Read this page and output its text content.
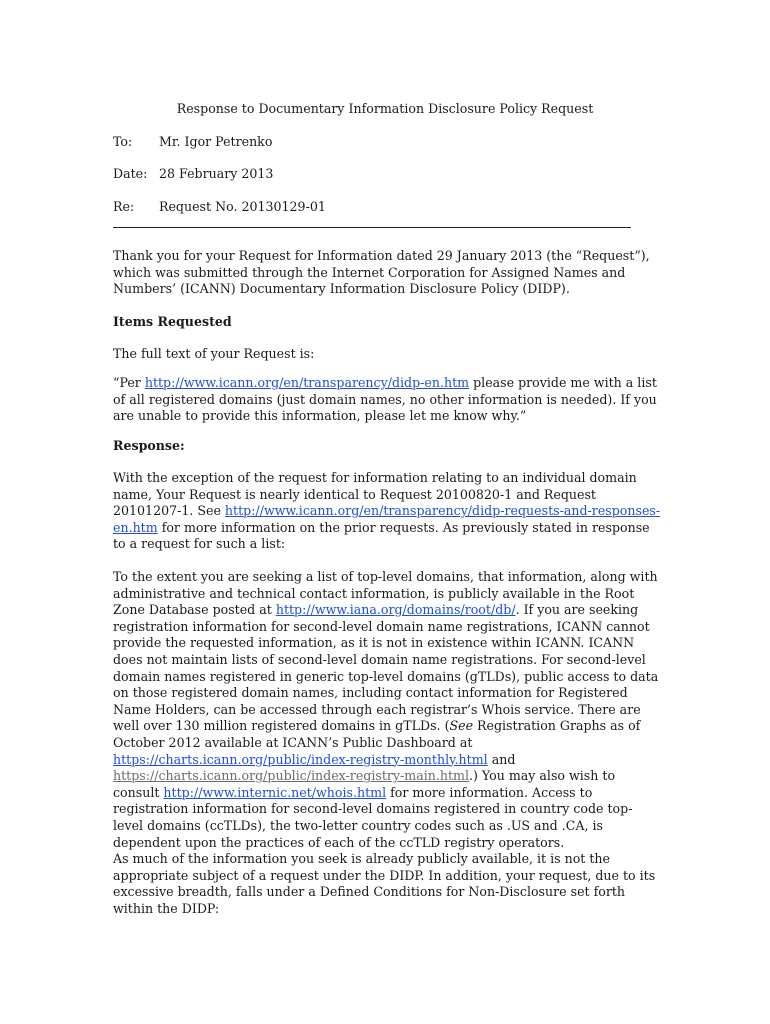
Response to Documentary Information Disclosure Policy Request
To: Mr. Igor Petrenko
Date: 28 February 2013
Re: Request No. 20130129-01

Thank you for your Request for Information dated 29 January 2013 (the “Request”), which was submitted through the Internet Corporation for Assigned Names and Numbers’ (ICANN) Documentary Information Disclosure Policy (DIDP).

Items Requested

The full text of your Request is:

“Per http://www.icann.org/en/transparency/didp-en.htm please provide me with a list of all registered domains (just domain names, no other information is needed). If you are unable to provide this information, please let me know why.”

Response:

With the exception of the request for information relating to an individual domain name, Your Request is nearly identical to Request 20100820-1 and Request 20101207-1. See http://www.icann.org/en/transparency/didp-requests-and-responses-en.htm for more information on the prior requests. As previously stated in response to a request for such a list:

To the extent you are seeking a list of top-level domains, that information, along with administrative and technical contact information, is publicly available in the Root Zone Database posted at http://www.iana.org/domains/root/db/. If you are seeking registration information for second-level domain name registrations, ICANN cannot provide the requested information, as it is not in existence within ICANN. ICANN does not maintain lists of second-level domain name registrations. For second-level domain names registered in generic top-level domains (gTLDs), public access to data on those registered domain names, including contact information for Registered Name Holders, can be accessed through each registrar’s Whois service. There are well over 130 million registered domains in gTLDs. (See Registration Graphs as of October 2012 available at ICANN’s Public Dashboard at https://charts.icann.org/public/index-registry-monthly.html and https://charts.icann.org/public/index-registry-main.html.) You may also wish to consult http://www.internic.net/whois.html for more information. Access to registration information for second-level domains registered in country code top-level domains (ccTLDs), the two-letter country codes such as .US and .CA, is dependent upon the practices of each of the ccTLD registry operators.

As much of the information you seek is already publicly available, it is not the appropriate subject of a request under the DIDP. In addition, your request, due to its excessive breadth, falls under a Defined Conditions for Non-Disclosure set forth within the DIDP:
